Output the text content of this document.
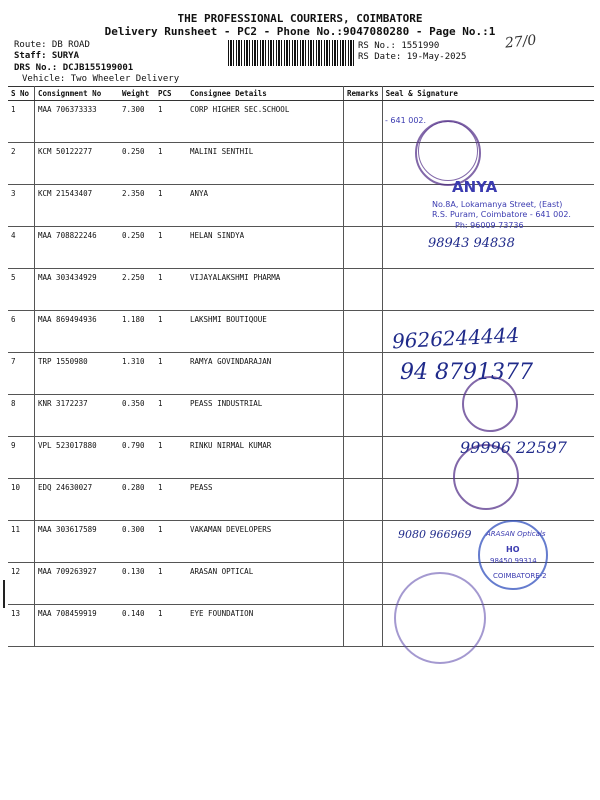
THE PROFESSIONAL COURIERS, COIMBATORE
Delivery Runsheet - PC2 - Phone No.:9047080280 - Page No.:1
Route: DB ROAD
Staff: SURYA
DRS No.: DCJB155199001
Vehicle: Two Wheeler Delivery
RS No.: 1551990
RS Date: 19-May-2025
27/0
S No	Consignment No	Weight	PCS	Consignee Details	Remarks	Seal & Signature
1	MAA 706373333	7.300	1	CORP HIGHER SEC.SCHOOL		
2	KCM 50122277	0.250	1	MALINI SENTHIL		
3	KCM 21543407	2.350	1	ANYA		
4	MAA 708822246	0.250	1	HELAN SINDYA		
5	MAA 303434929	2.250	1	VIJAYALAKSHMI PHARMA		
6	MAA 869494936	1.180	1	LAKSHMI BOUTIQOUE		
7	TRP 1550980	1.310	1	RAMYA GOVINDARAJAN		
8	KNR 3172237	0.350	1	PEASS INDUSTRIAL		
9	VPL 523017880	0.790	1	RINKU NIRMAL KUMAR		
10	EDQ 24630027	0.280	1	PEASS		
11	MAA 303617589	0.300	1	VAKAMAN DEVELOPERS		
12	MAA 709263927	0.130	1	ARASAN OPTICAL		
13	MAA 708459919	0.140	1	EYE FOUNDATION		
- 641 002.
ANYA
No.8A, Lokamanya Street, (East)
R.S. Puram, Coimbatore - 641 002.
Ph: 96009 73736
ARASAN Opticals
HO
98450 99314
COIMBATORE-2
98943 94838
9626244444
94 8791377
99996 22597
9080 966969
